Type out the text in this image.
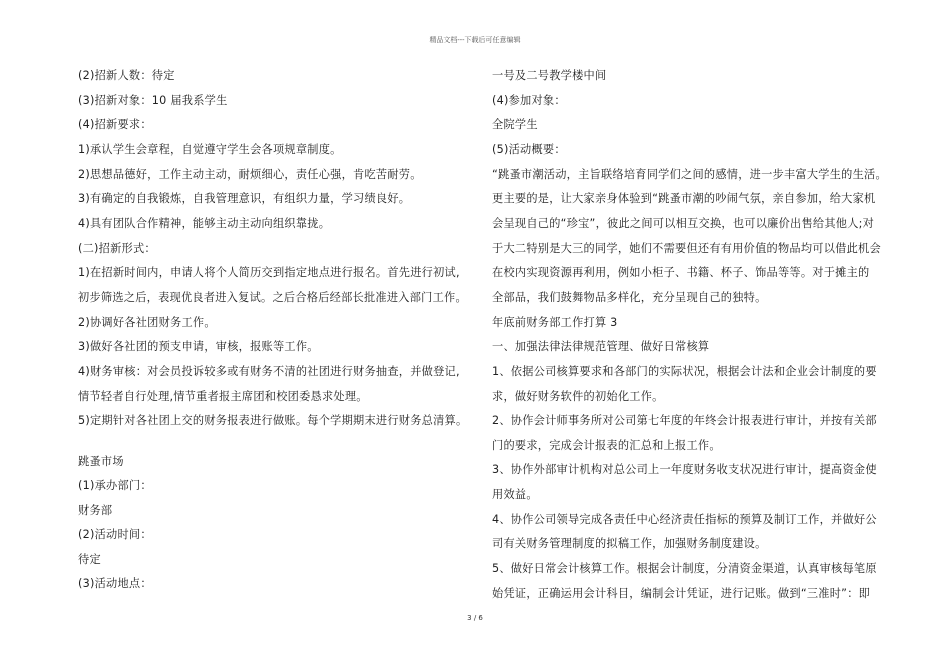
精品文档---下载后可任意编辑
(2)招新人数：待定
(3)招新对象：10 届我系学生
(4)招新要求：
1)承认学生会章程，自觉遵守学生会各项规章制度。
2)思想品德好，工作主动主动，耐烦细心，责任心强，肯吃苦耐劳。
3)有确定的自我锻炼，自我管理意识，有组织力量，学习绩良好。
4)具有团队合作精神，能够主动主动向组织靠拢。
(二)招新形式：
1)在招新时间内，申请人将个人简历交到指定地点进行报名。首先进行初试,
初步筛选之后，表现优良者进入复试。之后合格后经部长批准进入部门工作。
2)协调好各社团财务工作。
3)做好各社团的预支申请，审核，报账等工作。
4)财务审核：对会员投诉较多或有财务不清的社团进行财务抽查，并做登记,
情节轻者自行处理,情节重者报主席团和校团委恳求处理。
5)定期针对各社团上交的财务报表进行做账。每个学期期末进行财务总清算。
跳蚤市场
(1)承办部门：
财务部
(2)活动时间：
待定
(3)活动地点：
一号及二号教学楼中间
(4)参加对象：
全院学生
(5)活动概要：
“跳蚤市潮活动，主旨联络培育同学们之间的感情，进一步丰富大学生的生活。
更主要的是，让大家亲身体验到“跳蚤市潮的吵闹气氛，亲自参加，给大家机
会呈现自己的“珍宝”，彼此之间可以相互交换，也可以廉价出售给其他人;对
于大二特别是大三的同学，她们不需要但还有有用价值的物品均可以借此机会
在校内实现资源再利用，例如小柜子、书籍、杯子、饰品等等。对于摊主的
全部品，我们鼓舞物品多样化，充分呈现自己的独特。
年底前财务部工作打算 3
一、加强法律法律规范管理、做好日常核算
1、依据公司核算要求和各部门的实际状况，根据会计法和企业会计制度的要
求，做好财务软件的初始化工作。
2、协作会计师事务所对公司第七年度的年终会计报表进行审计，并按有关部
门的要求，完成会计报表的汇总和上报工作。
3、协作外部审计机构对总公司上一年度财务收支状况进行审计，提高资金使
用效益。
4、协作公司领导完成各责任中心经济责任指标的预算及制订工作，并做好公
司有关财务管理制度的拟稿工作，加强财务制度建设。
5、做好日常会计核算工作。根据会计制度，分清资金渠道，认真审核每笔原
始凭证，正确运用会计科目，编制会计凭证，进行记账。做到“三准时”：即
3 / 6
